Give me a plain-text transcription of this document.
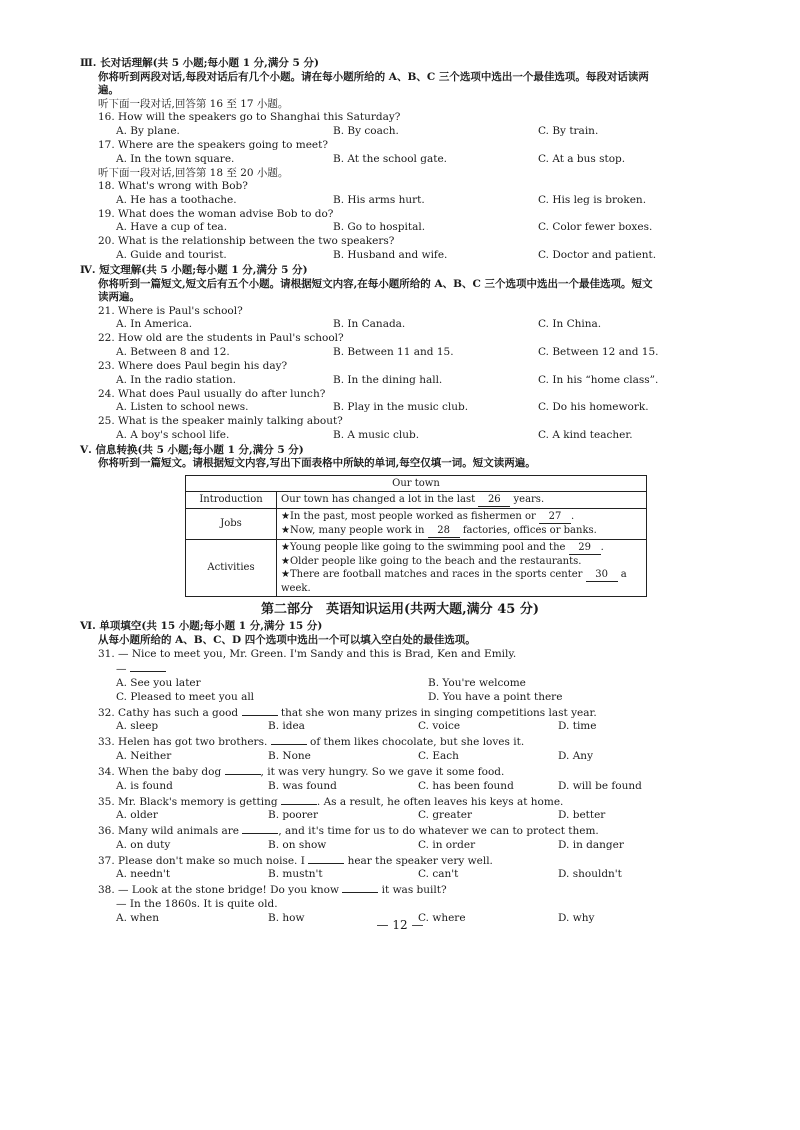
Ⅲ. 长对话理解(共 5 小题;每小题 1 分,满分 5 分)
你将听到两段对话,每段对话后有几个小题。请在每小题所给的 A、B、C 三个选项中选出一个最佳选项。每段对话读两
遍。
听下面一段对话,回答第 16 至 17 小题。
16. How will the speakers go to Shanghai this Saturday?
A. By plane.	B. By coach.	C. By train.
17. Where are the speakers going to meet?
A. In the town square.	B. At the school gate.	C. At a bus stop.
听下面一段对话,回答第 18 至 20 小题。
18. What's wrong with Bob?
A. He has a toothache.	B. His arms hurt.	C. His leg is broken.
19. What does the woman advise Bob to do?
A. Have a cup of tea.	B. Go to hospital.	C. Color fewer boxes.
20. What is the relationship between the two speakers?
A. Guide and tourist.	B. Husband and wife.	C. Doctor and patient.
Ⅳ. 短文理解(共 5 小题;每小题 1 分,满分 5 分)
你将听到一篇短文,短文后有五个小题。请根据短文内容,在每小题所给的 A、B、C 三个选项中选出一个最佳选项。短文
读两遍。
21. Where is Paul's school?
A. In America.	B. In Canada.	C. In China.
22. How old are the students in Paul's school?
A. Between 8 and 12.	B. Between 11 and 15.	C. Between 12 and 15.
23. Where does Paul begin his day?
A. In the radio station.	B. In the dining hall.	C. In his “home class”.
24. What does Paul usually do after lunch?
A. Listen to school news.	B. Play in the music club.	C. Do his homework.
25. What is the speaker mainly talking about?
A. A boy's school life.	B. A music club.	C. A kind teacher.
Ⅴ. 信息转换(共 5 小题;每小题 1 分,满分 5 分)
你将听到一篇短文。请根据短文内容,写出下面表格中所缺的单词,每空仅填一词。短文读两遍。
Our town	
Introduction	Our town has changed a lot in the last 26 years.
Jobs	★In the past, most people worked as fishermen or 27 .
★Now, many people work in 28 factories, offices or banks.

Activities	★Young people like going to the swimming pool and the 29 .
★Older people like going to the beach and the restaurants.
★There are football matches and races in the sports center 30 a week.
第二部分　英语知识运用(共两大题,满分 45 分)
Ⅵ. 单项填空(共 15 小题;每小题 1 分,满分 15 分)
从每小题所给的 A、B、C、D 四个选项中选出一个可以填入空白处的最佳选项。
31. — Nice to meet you, Mr. Green. I'm Sandy and this is Brad, Ken and Emily.
—
A. See you later	B. You're welcome
C. Pleased to meet you all	D. You have a point there
32. Cathy has such a good	that she won many prizes in singing competitions last year.
A. sleep	B. idea	C. voice	D. time
33. Helen has got two brothers.	of them likes chocolate, but she loves it.
A. Neither	B. None	C. Each	D. Any
34. When the baby dog	, it was very hungry. So we gave it some food.
A. is found	B. was found	C. has been found	D. will be found
35. Mr. Black's memory is getting	. As a result, he often leaves his keys at home.
A. older	B. poorer	C. greater	D. better
36. Many wild animals are	, and it's time for us to do whatever we can to protect them.
A. on duty	B. on show	C. in order	D. in danger
37. Please don't make so much noise. I	hear the speaker very well.
A. needn't	B. mustn't	C. can't	D. shouldn't
38. — Look at the stone bridge! Do you know	it was built?
— In the 1860s. It is quite old.
A. when	B. how	C. where	D. why
— 12 —
